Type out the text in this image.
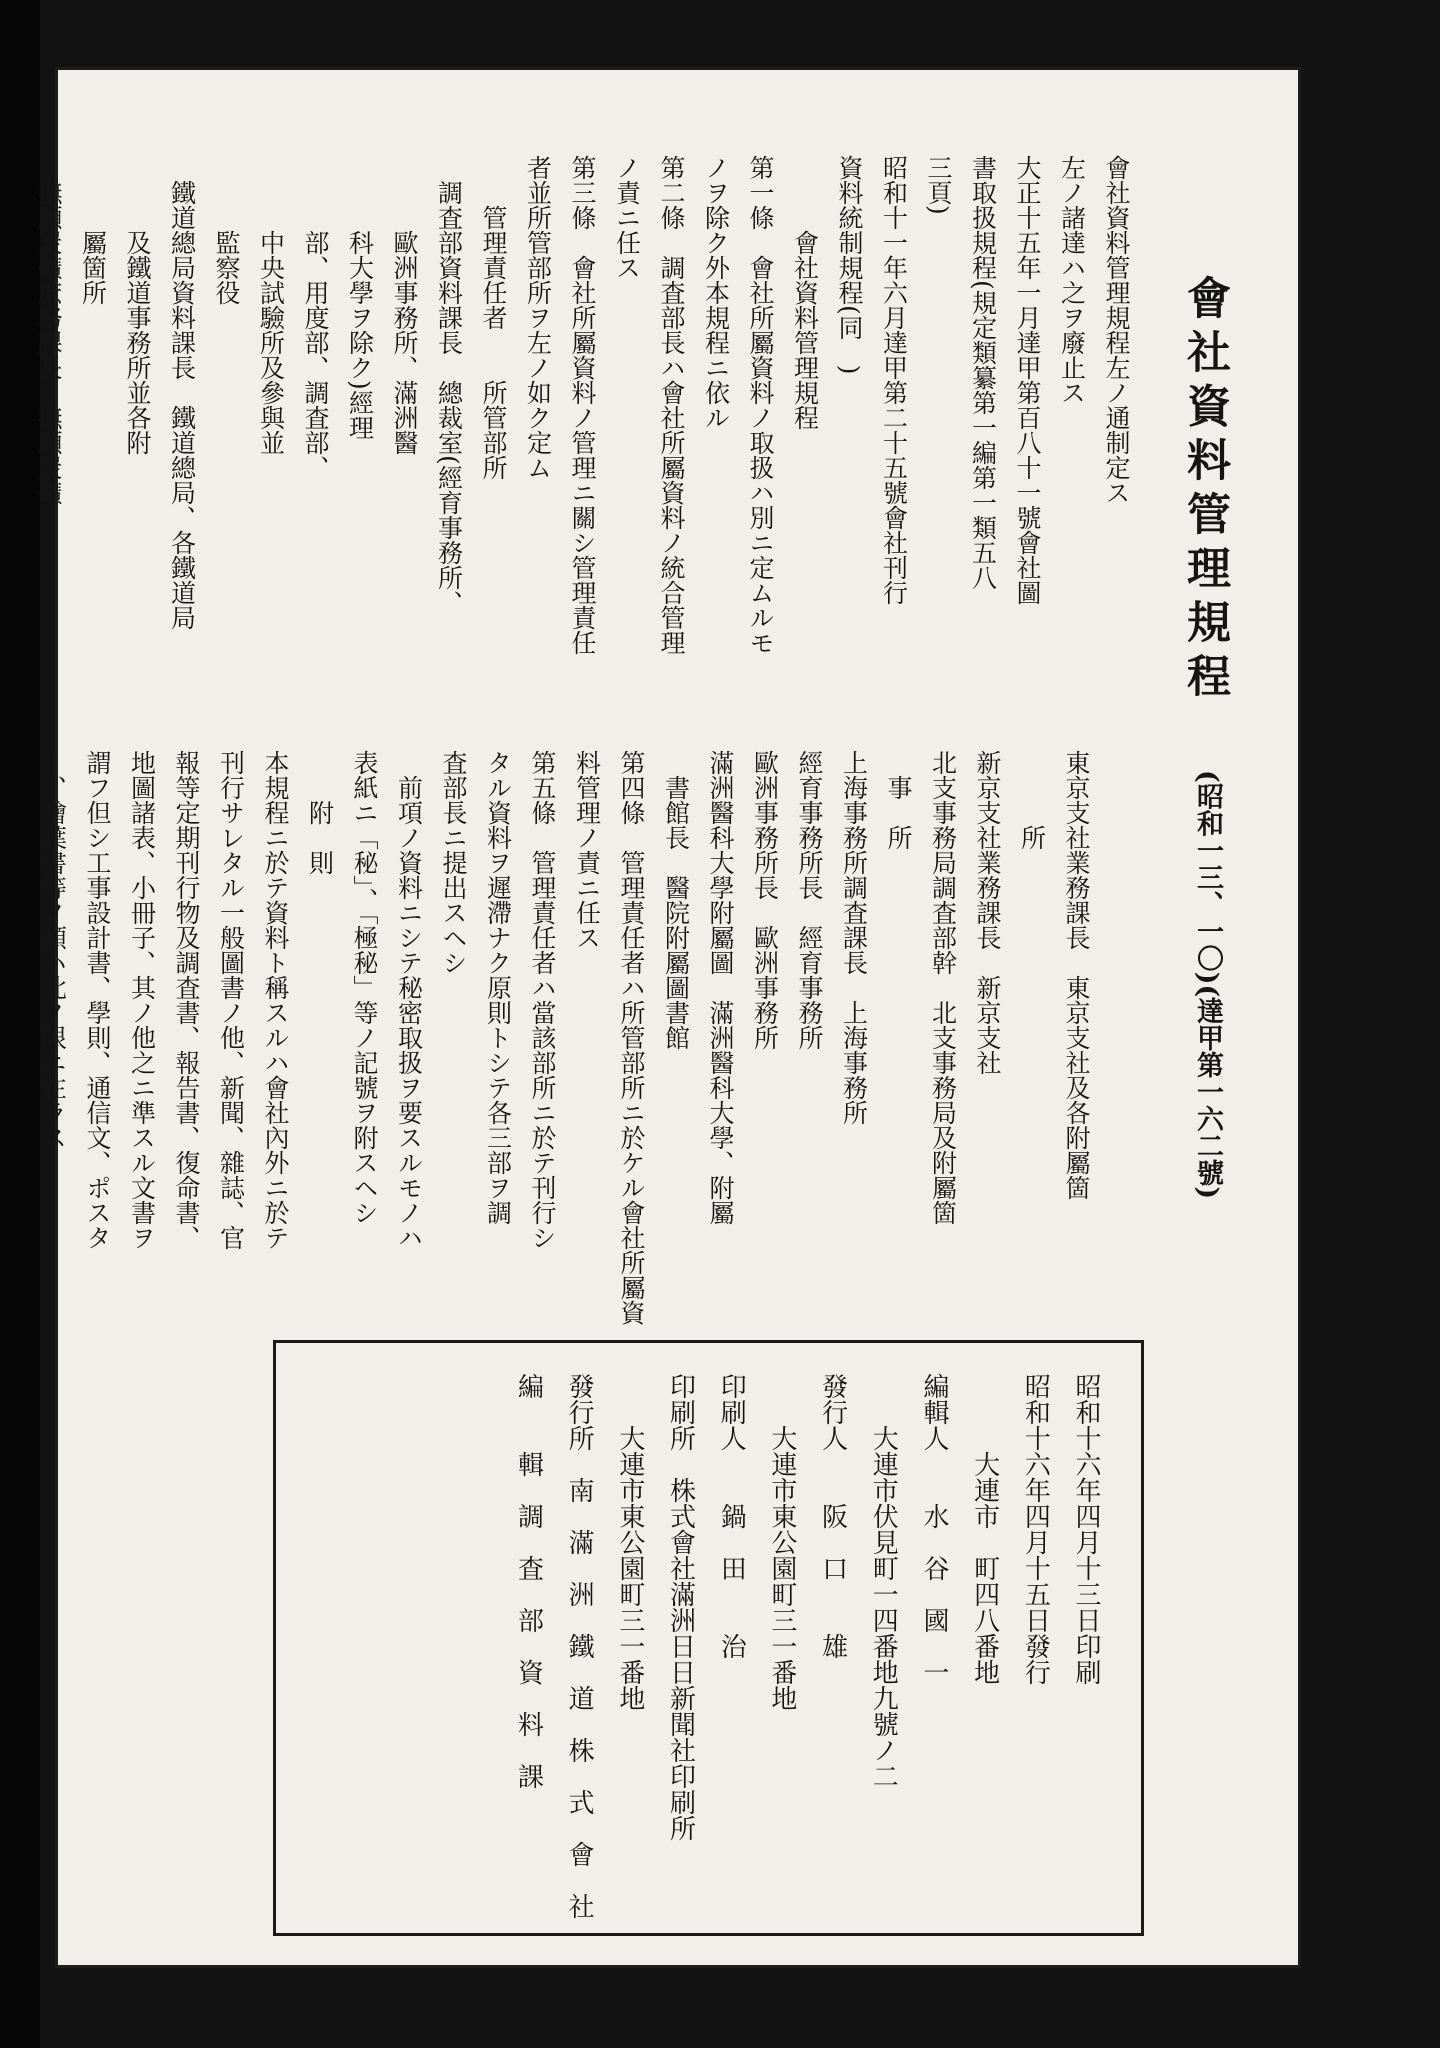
會社資料管理規程
(昭和一三、一〇)(達甲第一六二號)
會社資料管理規程左ノ通制定ス
左ノ諸達ハ之ヲ廢止ス
大正十五年一月達甲第百八十一號會社圖
書取扱規程(規定類纂第一編第一類五八
三頁)
昭和十一年六月達甲第二十五號會社刊行
資料統制規程(同　)
會社資料管理規程
第一條　會社所屬資料ノ取扱ハ別ニ定ムルモ
ノヲ除ク外本規程ニ依ル
第二條　調査部長ハ會社所屬資料ノ統合管理
ノ責ニ任ス
第三條　會社所屬資料ノ管理ニ關シ管理責任
者並所管部所ヲ左ノ如ク定ム
管理責任者　　所管部所
調査部資料課長　總裁室(經育事務所、
歐洲事務所、滿洲醫
科大學ヲ除ク)經理
部、用度部、調査部、
中央試驗所及參與並
監察役
鐵道總局資料課長　鐵道總局、各鐵道局
及鐵道事務所並各附
屬箇所
撫順炭礦庶務課長　撫順炭礦
東京支社業務課長　東京支社及各附屬箇
所
新京支社業務課長　新京支社
北支事務局調査部幹　北支事務局及附屬箇
事　所
上海事務所調査課長　上海事務所
經育事務所長　經育事務所
歐洲事務所長　歐洲事務所
滿洲醫科大學附屬圖　滿洲醫科大學、附屬
書館長　醫院附屬圖書館
第四條　管理責任者ハ所管部所ニ於ケル會社所屬資
料管理ノ責ニ任ス
第五條　管理責任者ハ當該部所ニ於テ刊行シ
タル資料ヲ遲滯ナク原則トシテ各三部ヲ調
査部長ニ提出スヘシ
前項ノ資料ニシテ秘密取扱ヲ要スルモノハ
表紙ニ「秘」、「極秘」等ノ記號ヲ附スヘシ
附　則
本規程ニ於テ資料ト稱スルハ會社內外ニ於テ
刊行サレタル一般圖書ノ他、新聞、雜誌、官
報等定期刊行物及調査書、報告書、復命書、
地圖諸表、小冊子、其ノ他之ニ準スル文書ヲ
謂フ但シ工事設計書、學則、通信文、ポスタ
ー、繪葉書等ノ類ハ此ノ限ニ在ラス
昭和十六年四月十三日印刷
昭和十六年四月十五日發行
大連市　町四八番地
編輯人　　水　谷　國　一
大連市伏見町一四番地九號ノ二
發行人　　阪　口　　雄
大連市東公園町三一番地
印刷人　　鍋　田　　治
印刷所　株式會社滿洲日日新聞社印刷所
大連市東公園町三一番地
發行所　南　滿　洲　鐵　道　株　式　會　社
編　　輯　調　査　部　資　料　課
